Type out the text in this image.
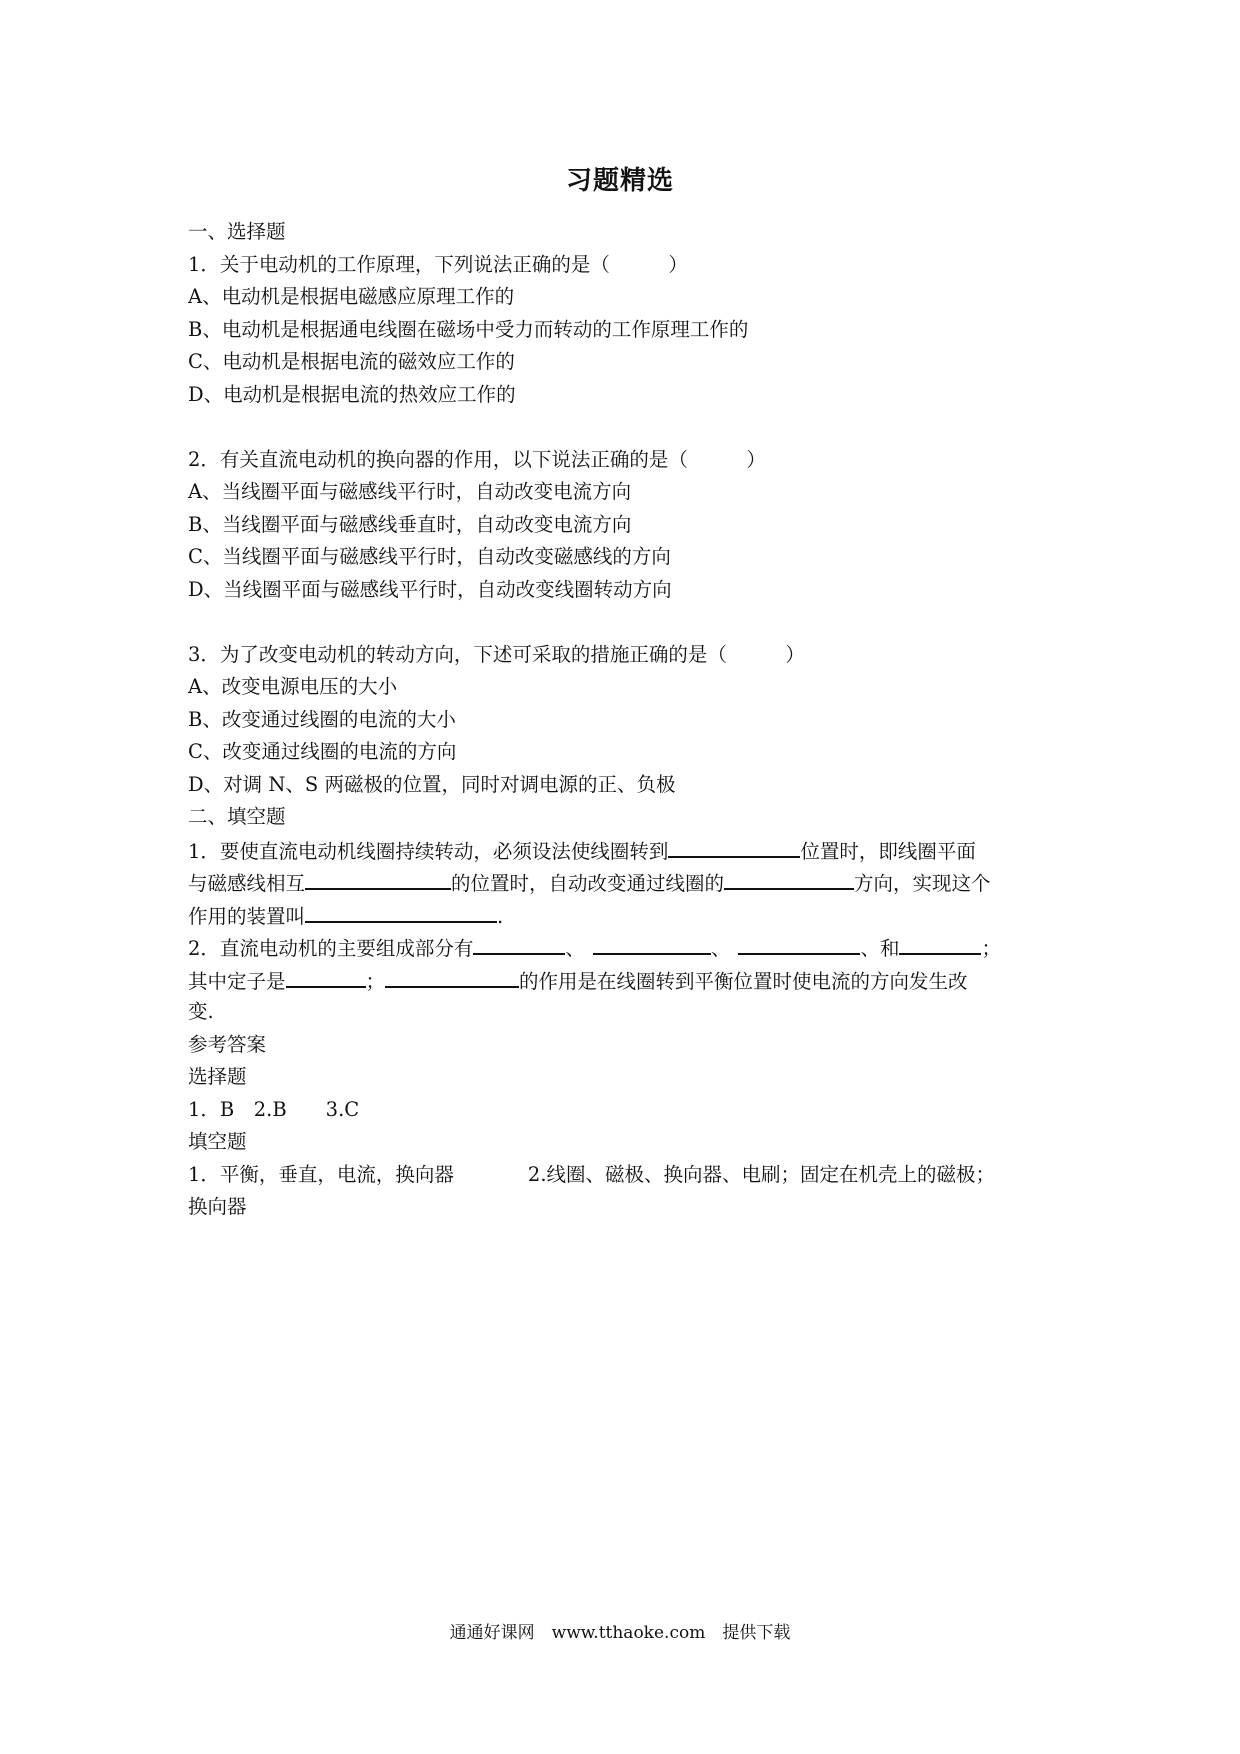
习题精选
一、选择题
1．关于电动机的工作原理，下列说法正确的是（　　　）
A、电动机是根据电磁感应原理工作的
B、电动机是根据通电线圈在磁场中受力而转动的工作原理工作的
C、电动机是根据电流的磁效应工作的
D、电动机是根据电流的热效应工作的
2．有关直流电动机的换向器的作用，以下说法正确的是（　　　）
A、当线圈平面与磁感线平行时，自动改变电流方向
B、当线圈平面与磁感线垂直时，自动改变电流方向
C、当线圈平面与磁感线平行时，自动改变磁感线的方向
D、当线圈平面与磁感线平行时，自动改变线圈转动方向
3．为了改变电动机的转动方向，下述可采取的措施正确的是（　　　）
A、改变电源电压的大小
B、改变通过线圈的电流的大小
C、改变通过线圈的电流的方向
D、对调 N、S 两磁极的位置，同时对调电源的正、负极
二、填空题
1．要使直流电动机线圈持续转动，必须设法使线圈转到	位置时，即线圈平面
与磁感线相互	的位置时，自动改变通过线圈的	方向，实现这个
作用的装置叫	.
2．直流电动机的主要组成部分有	、	、	、和	；
其中定子是	；	的作用是在线圈转到平衡位置时使电流的方向发生改
变.
参考答案
选择题
1．B　2.B　　3.C
填空题
1．平衡，垂直，电流，换向器	2.线圈、磁极、换向器、电刷；固定在机壳上的磁极；
换向器
通通好课网　www.tthaoke.com　提供下载
